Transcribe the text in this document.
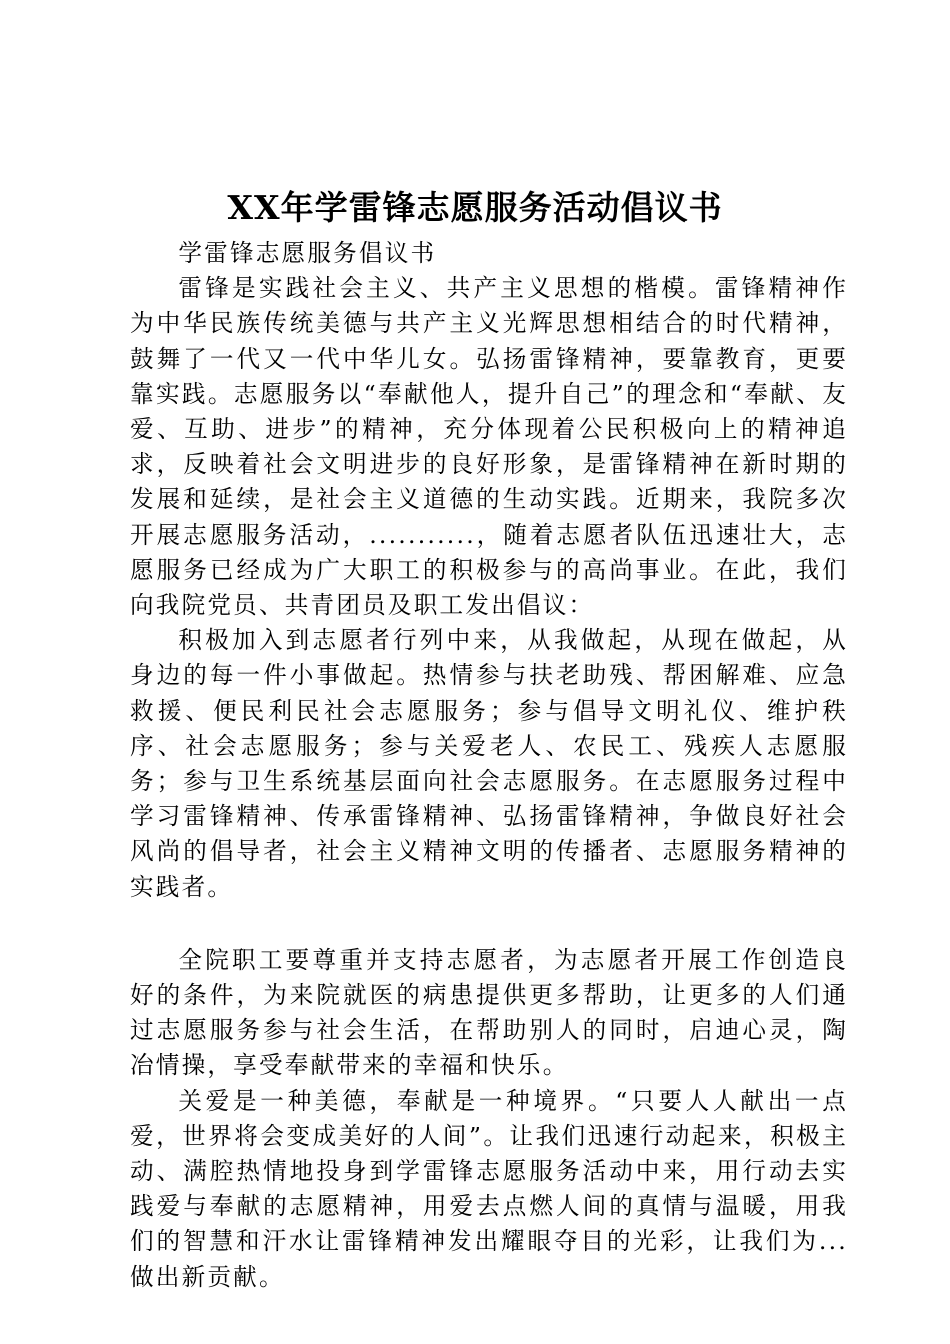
XX年学雷锋志愿服务活动倡议书

学雷锋志愿服务倡议书

雷锋是实践社会主义、共产主义思想的楷模。雷锋精神作为中华民族传统美德与共产主义光辉思想相结合的时代精神，鼓舞了一代又一代中华儿女。弘扬雷锋精神，要靠教育，更要靠实践。志愿服务以“奉献他人，提升自己”的理念和“奉献、友爱、互助、进步”的精神，充分体现着公民积极向上的精神追求，反映着社会文明进步的良好形象，是雷锋精神在新时期的发展和延续，是社会主义道德的生动实践。近期来，我院多次开展志愿服务活动，...........，随着志愿者队伍迅速壮大，志愿服务已经成为广大职工的积极参与的高尚事业。在此，我们向我院党员、共青团员及职工发出倡议：

积极加入到志愿者行列中来，从我做起，从现在做起，从身边的每一件小事做起。热情参与扶老助残、帮困解难、应急救援、便民利民社会志愿服务；参与倡导文明礼仪、维护秩序、社会志愿服务；参与关爱老人、农民工、残疾人志愿服务；参与卫生系统基层面向社会志愿服务。在志愿服务过程中学习雷锋精神、传承雷锋精神、弘扬雷锋精神，争做良好社会风尚的倡导者，社会主义精神文明的传播者、志愿服务精神的实践者。

全院职工要尊重并支持志愿者，为志愿者开展工作创造良好的条件，为来院就医的病患提供更多帮助，让更多的人们通过志愿服务参与社会生活，在帮助别人的同时，启迪心灵，陶冶情操，享受奉献带来的幸福和快乐。

关爱是一种美德，奉献是一种境界。“只要人人献出一点爱，世界将会变成美好的人间”。让我们迅速行动起来，积极主动、满腔热情地投身到学雷锋志愿服务活动中来，用行动去实践爱与奉献的志愿精神，用爱去点燃人间的真情与温暖，用我们的智慧和汗水让雷锋精神发出耀眼夺目的光彩，让我们为...做出新贡献。
